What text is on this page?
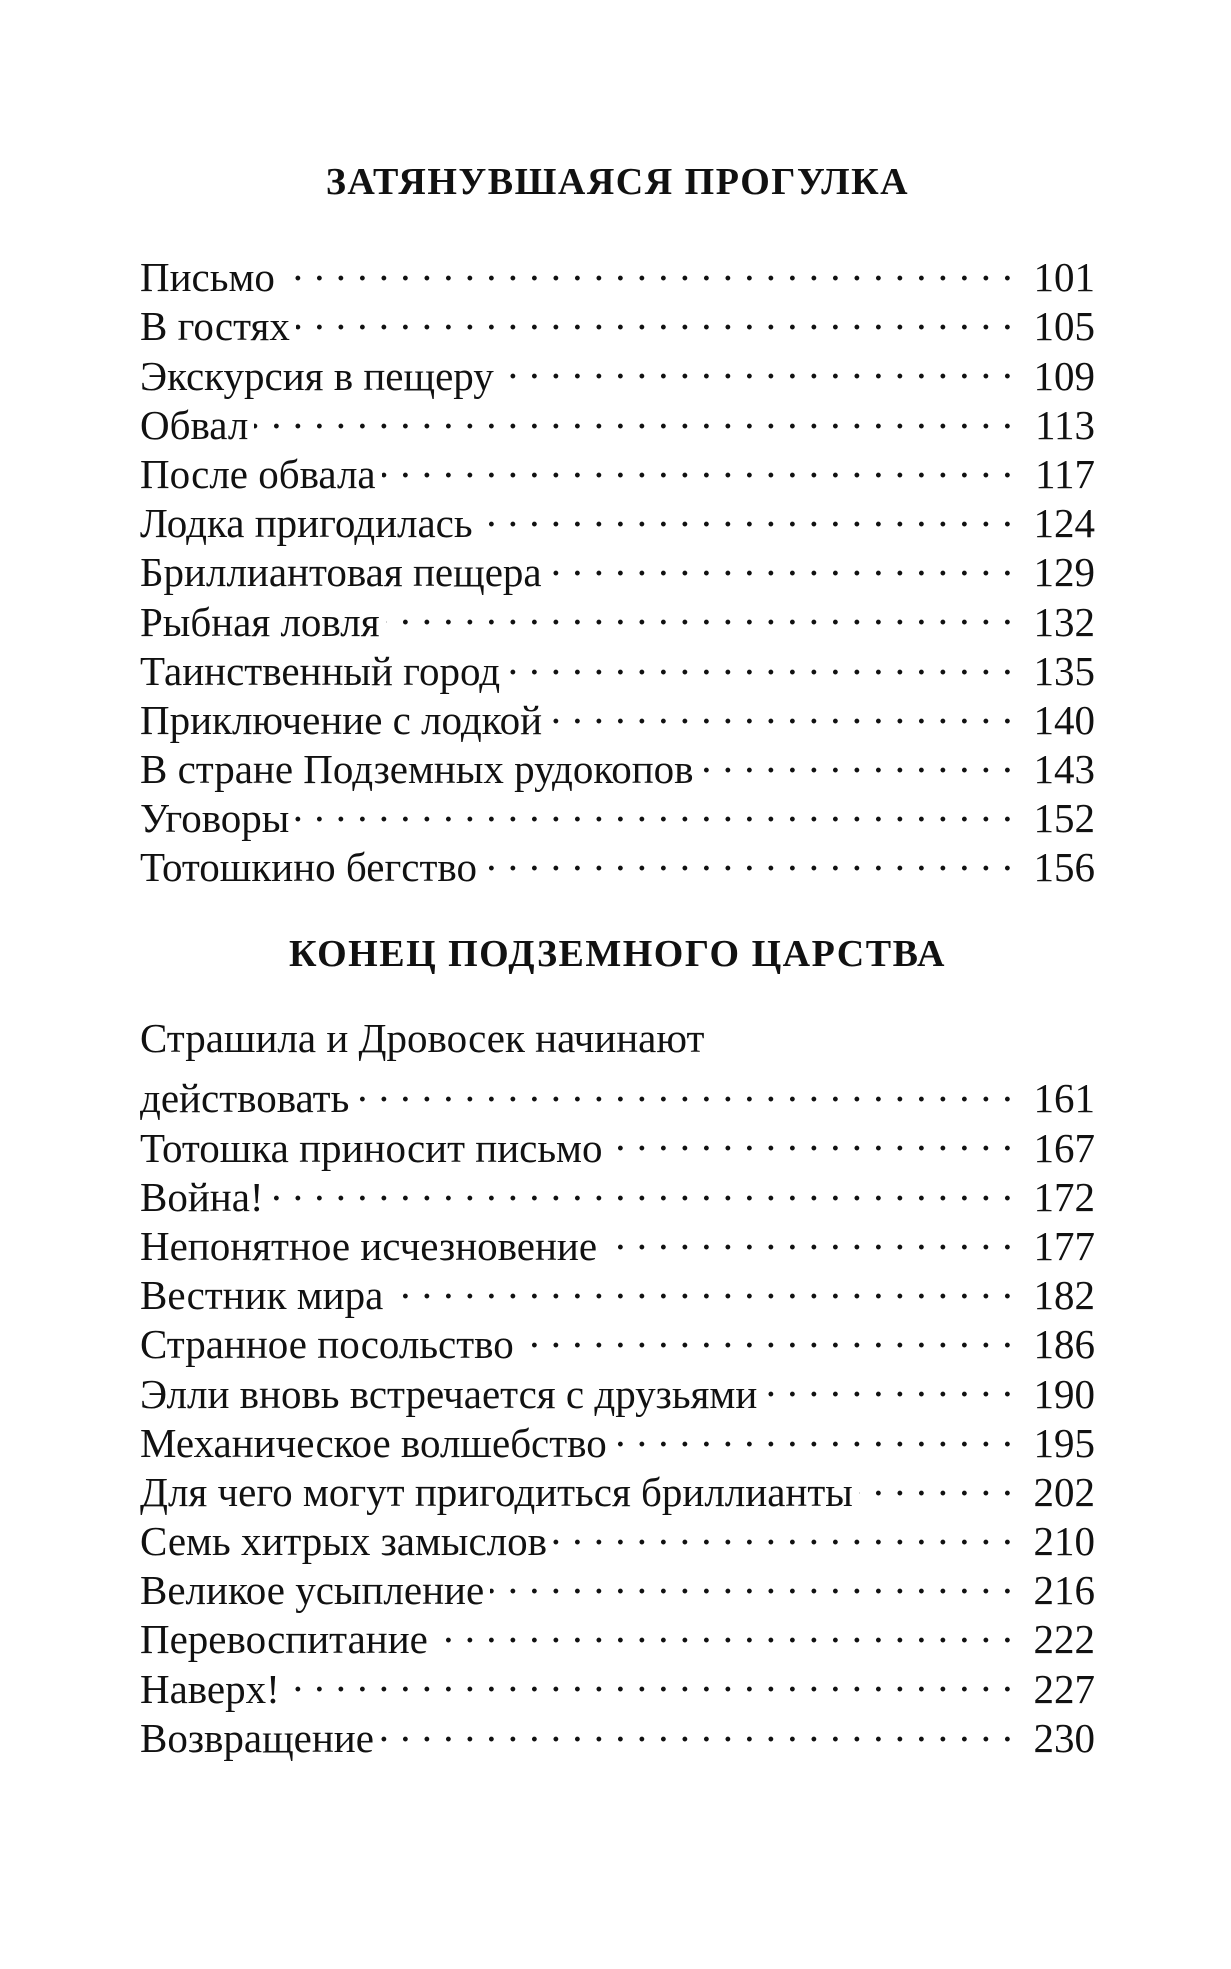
ЗАТЯНУВШАЯСЯ ПРОГУЛКА
Письмо . . .	101
В гостях . . .	105
Экскурсия в пещеру . . .	109
Обвал . . .	113
После обвала . . .	117
Лодка пригодилась . . .	124
Бриллиантовая пещера . . .	129
Рыбная ловля . . .	132
Таинственный город . . .	135
Приключение с лодкой . . .	140
В стране Подземных рудокопов . . .	143
Уговоры . . .	152
Тотошкино бегство . . .	156
КОНЕЦ ПОДЗЕМНОГО ЦАРСТВА
Страшила и Дровосек начинают
действовать . . .	161
Тотошка приносит письмо . . .	167
Война! . . .	172
Непонятное исчезновение . . .	177
Вестник мира . . .	182
Странное посольство . . .	186
Элли вновь встречается с друзьями . . .	190
Механическое волшебство . . .	195
Для чего могут пригодиться бриллианты . . .	202
Семь хитрых замыслов . . .	210
Великое усыпление . . .	216
Перевоспитание . . .	222
Наверх! . . .	227
Возвращение . . .	230
